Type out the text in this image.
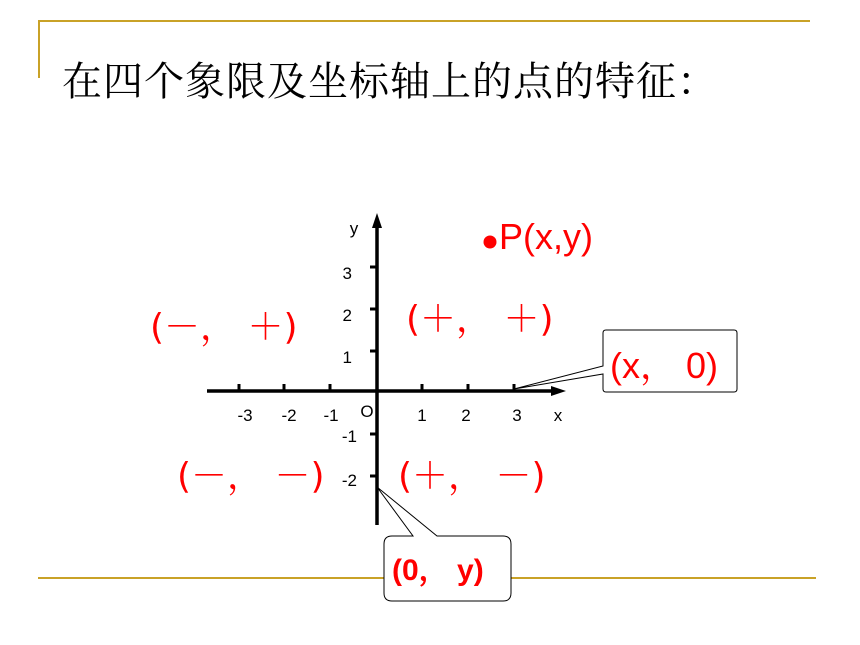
在四个象限及坐标轴上的点的特征：
-3 -2 -1	1 2 3
O	x
y
3
2
1
-1
-2
P(x,y)
(－， ＋)	(＋， ＋)
(－， －) (＋， －)
(x， 0)
(0， y)
